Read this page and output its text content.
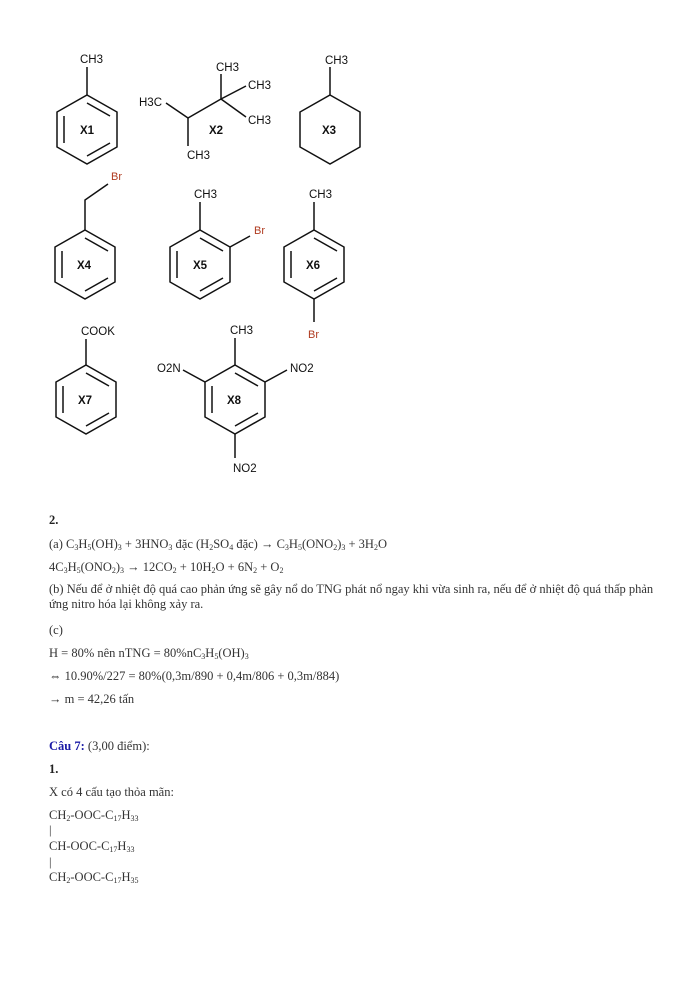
CH3
X1
H3C
CH3
CH3
CH3
CH3
X2
CH3
X3
Br
X4
CH3
Br
X5
CH3
Br
X6
COOK
X7
CH3
O2N	NO2
NO2
X8
2.
(a) $C_3H_5(OH)_3 + 3HNO_3$ đặc ($H_2SO_4$ đặc) → $C_3H_5(ONO_2)_3 + 3H_2O$
$4C_3H_5(ONO_2)_3 \to 12CO_2 + 10H_2O + 6N_2 + O_2$
(b) Nếu để ở nhiệt độ quá cao phản ứng sẽ gây nổ do TNG phát nổ ngay khi vừa sinh ra, nếu để ở nhiệt độ quá thấp phản ứng nitro hóa lại không xảy ra.
(c)
H = 80% nên nTNG = $80\%nC_3H_5(OH)_3$
⇔ 10.90%/227 = 80%(0,3m/890 + 0,4m/806 + 0,3m/884)
→ m = 42,26 tấn
Câu 7: (3,00 điểm):
1.
X có 4 cấu tạo thỏa mãn:
$CH_2-OOC-C_{17}H_{33}$
|
$CH-OOC-C_{17}H_{33}$
|
$CH_2-OOC-C_{17}H_{35}$
